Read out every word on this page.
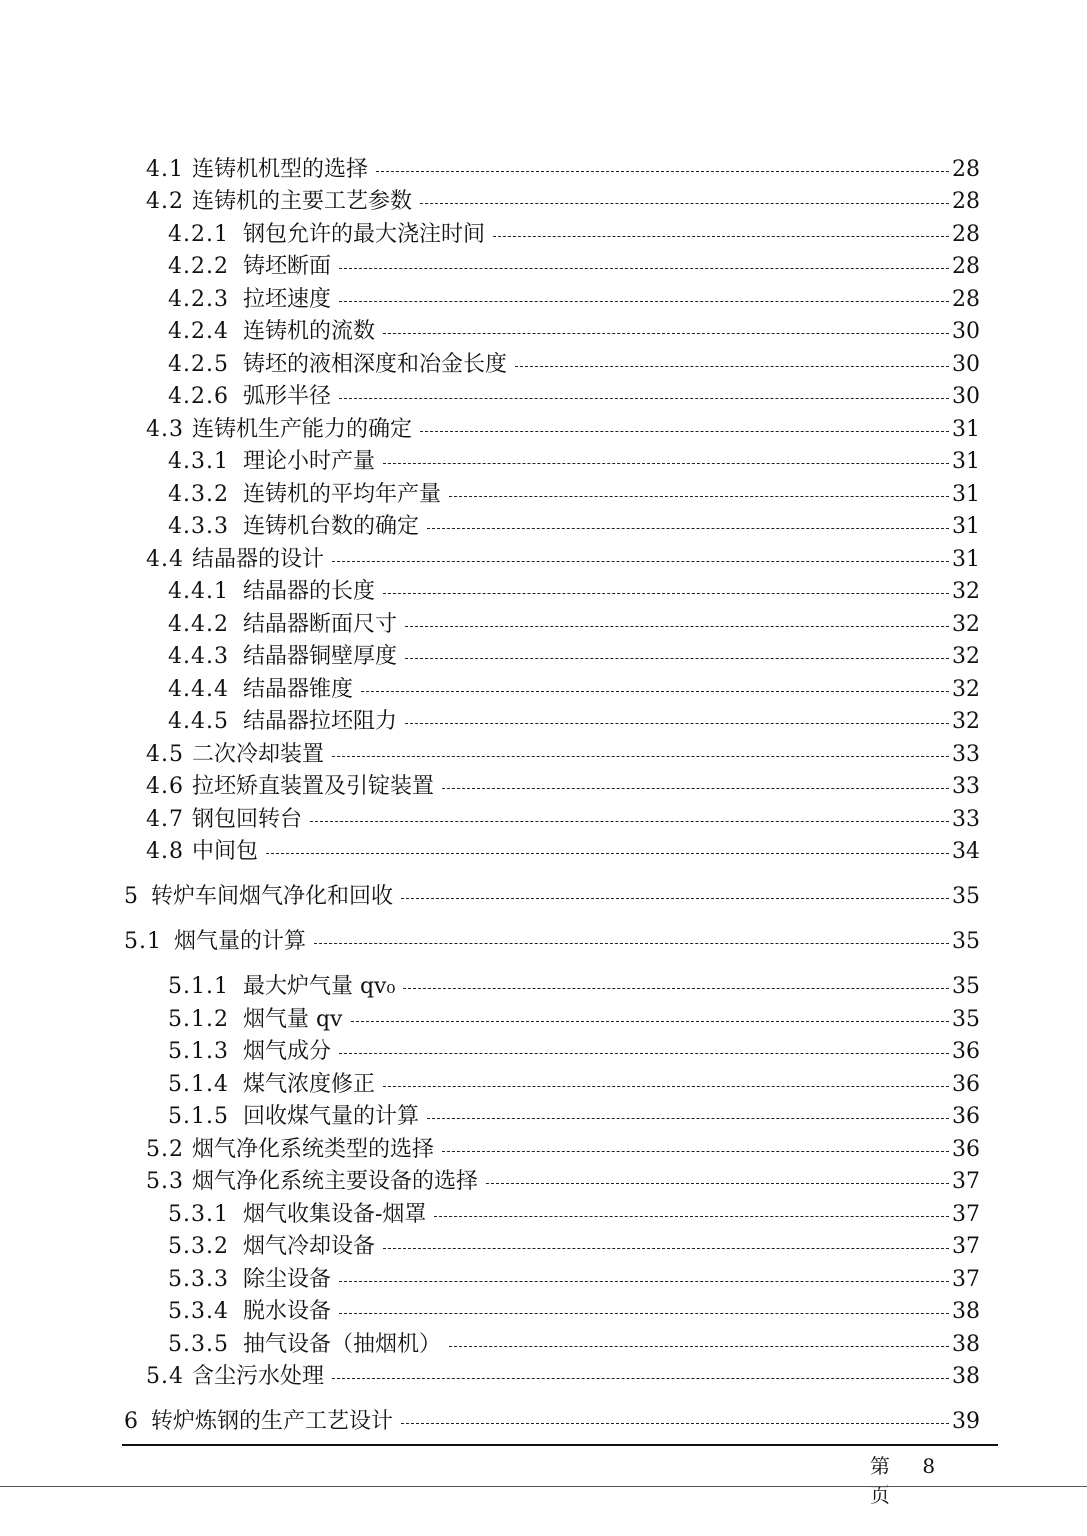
4.1 连铸机机型的选择	28
4.2 连铸机的主要工艺参数	28
4.2.1 钢包允许的最大浇注时间	28
4.2.2 铸坯断面	28
4.2.3 拉坯速度	28
4.2.4 连铸机的流数	30
4.2.5 铸坯的液相深度和冶金长度	30
4.2.6 弧形半径	30
4.3 连铸机生产能力的确定	31
4.3.1 理论小时产量	31
4.3.2 连铸机的平均年产量	31
4.3.3 连铸机台数的确定	31
4.4 结晶器的设计	31
4.4.1 结晶器的长度	32
4.4.2 结晶器断面尺寸	32
4.4.3 结晶器铜壁厚度	32
4.4.4 结晶器锥度	32
4.4.5 结晶器拉坯阻力	32
4.5 二次冷却装置	33
4.6 拉坯矫直装置及引锭装置	33
4.7 钢包回转台	33
4.8 中间包	34
5 转炉车间烟气净化和回收	35
5.1 烟气量的计算	35
5.1.1 最大炉气量 qv₀	35
5.1.2 烟气量 qv	35
5.1.3 烟气成分	36
5.1.4 煤气浓度修正	36
5.1.5 回收煤气量的计算	36
5.2 烟气净化系统类型的选择	36
5.3 烟气净化系统主要设备的选择	37
5.3.1 烟气收集设备-烟罩	37
5.3.2 烟气冷却设备	37
5.3.3 除尘设备	37
5.3.4 脱水设备	38
5.3.5 抽气设备（抽烟机）	38
5.4 含尘污水处理	38
6 转炉炼钢的生产工艺设计	39
第 8 页
